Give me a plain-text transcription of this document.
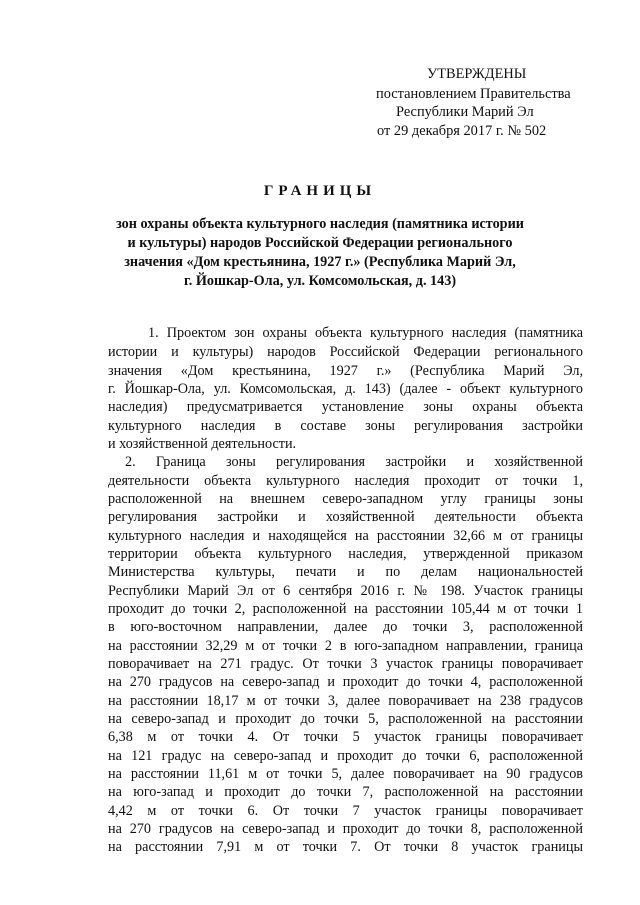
УТВЕРЖДЕНЫ
постановлением Правительства
Республики Марий Эл
от 29 декабря 2017 г. № 502
ГРАНИЦЫ
зон охраны объекта культурного наследия (памятника истории
и культуры) народов Российской Федерации регионального
значения «Дом крестьянина, 1927 г.» (Республика Марий Эл,
г. Йошкар-Ола, ул. Комсомольская, д. 143)
1. Проектом зон охраны объекта культурного наследия (памятника
истории и культуры) народов Российской Федерации регионального
значения «Дом крестьянина, 1927 г.» (Республика Марий Эл,
г. Йошкар-Ола, ул. Комсомольская, д. 143) (далее - объект культурного
наследия) предусматривается установление зоны охраны объекта
культурного наследия в составе зоны регулирования застройки
и хозяйственной деятельности.
2. Граница зоны регулирования застройки и хозяйственной
деятельности объекта культурного наследия проходит от точки 1,
расположенной на внешнем северо-западном углу границы зоны
регулирования застройки и хозяйственной деятельности объекта
культурного наследия и находящейся на расстоянии 32,66 м от границы
территории объекта культурного наследия, утвержденной приказом
Министерства культуры, печати и по делам национальностей
Республики Марий Эл от 6 сентября 2016 г. № 198. Участок границы
проходит до точки 2, расположенной на расстоянии 105,44 м от точки 1
в юго-восточном направлении, далее до точки 3, расположенной
на расстоянии 32,29 м от точки 2 в юго-западном направлении, граница
поворачивает на 271 градус. От точки 3 участок границы поворачивает
на 270 градусов на северо-запад и проходит до точки 4, расположенной
на расстоянии 18,17 м от точки 3, далее поворачивает на 238 градусов
на северо-запад и проходит до точки 5, расположенной на расстоянии
6,38 м от точки 4. От точки 5 участок границы поворачивает
на 121 градус на северо-запад и проходит до точки 6, расположенной
на расстоянии 11,61 м от точки 5, далее поворачивает на 90 градусов
на юго-запад и проходит до точки 7, расположенной на расстоянии
4,42 м от точки 6. От точки 7 участок границы поворачивает
на 270 градусов на северо-запад и проходит до точки 8, расположенной
на расстоянии 7,91 м от точки 7. От точки 8 участок границы
